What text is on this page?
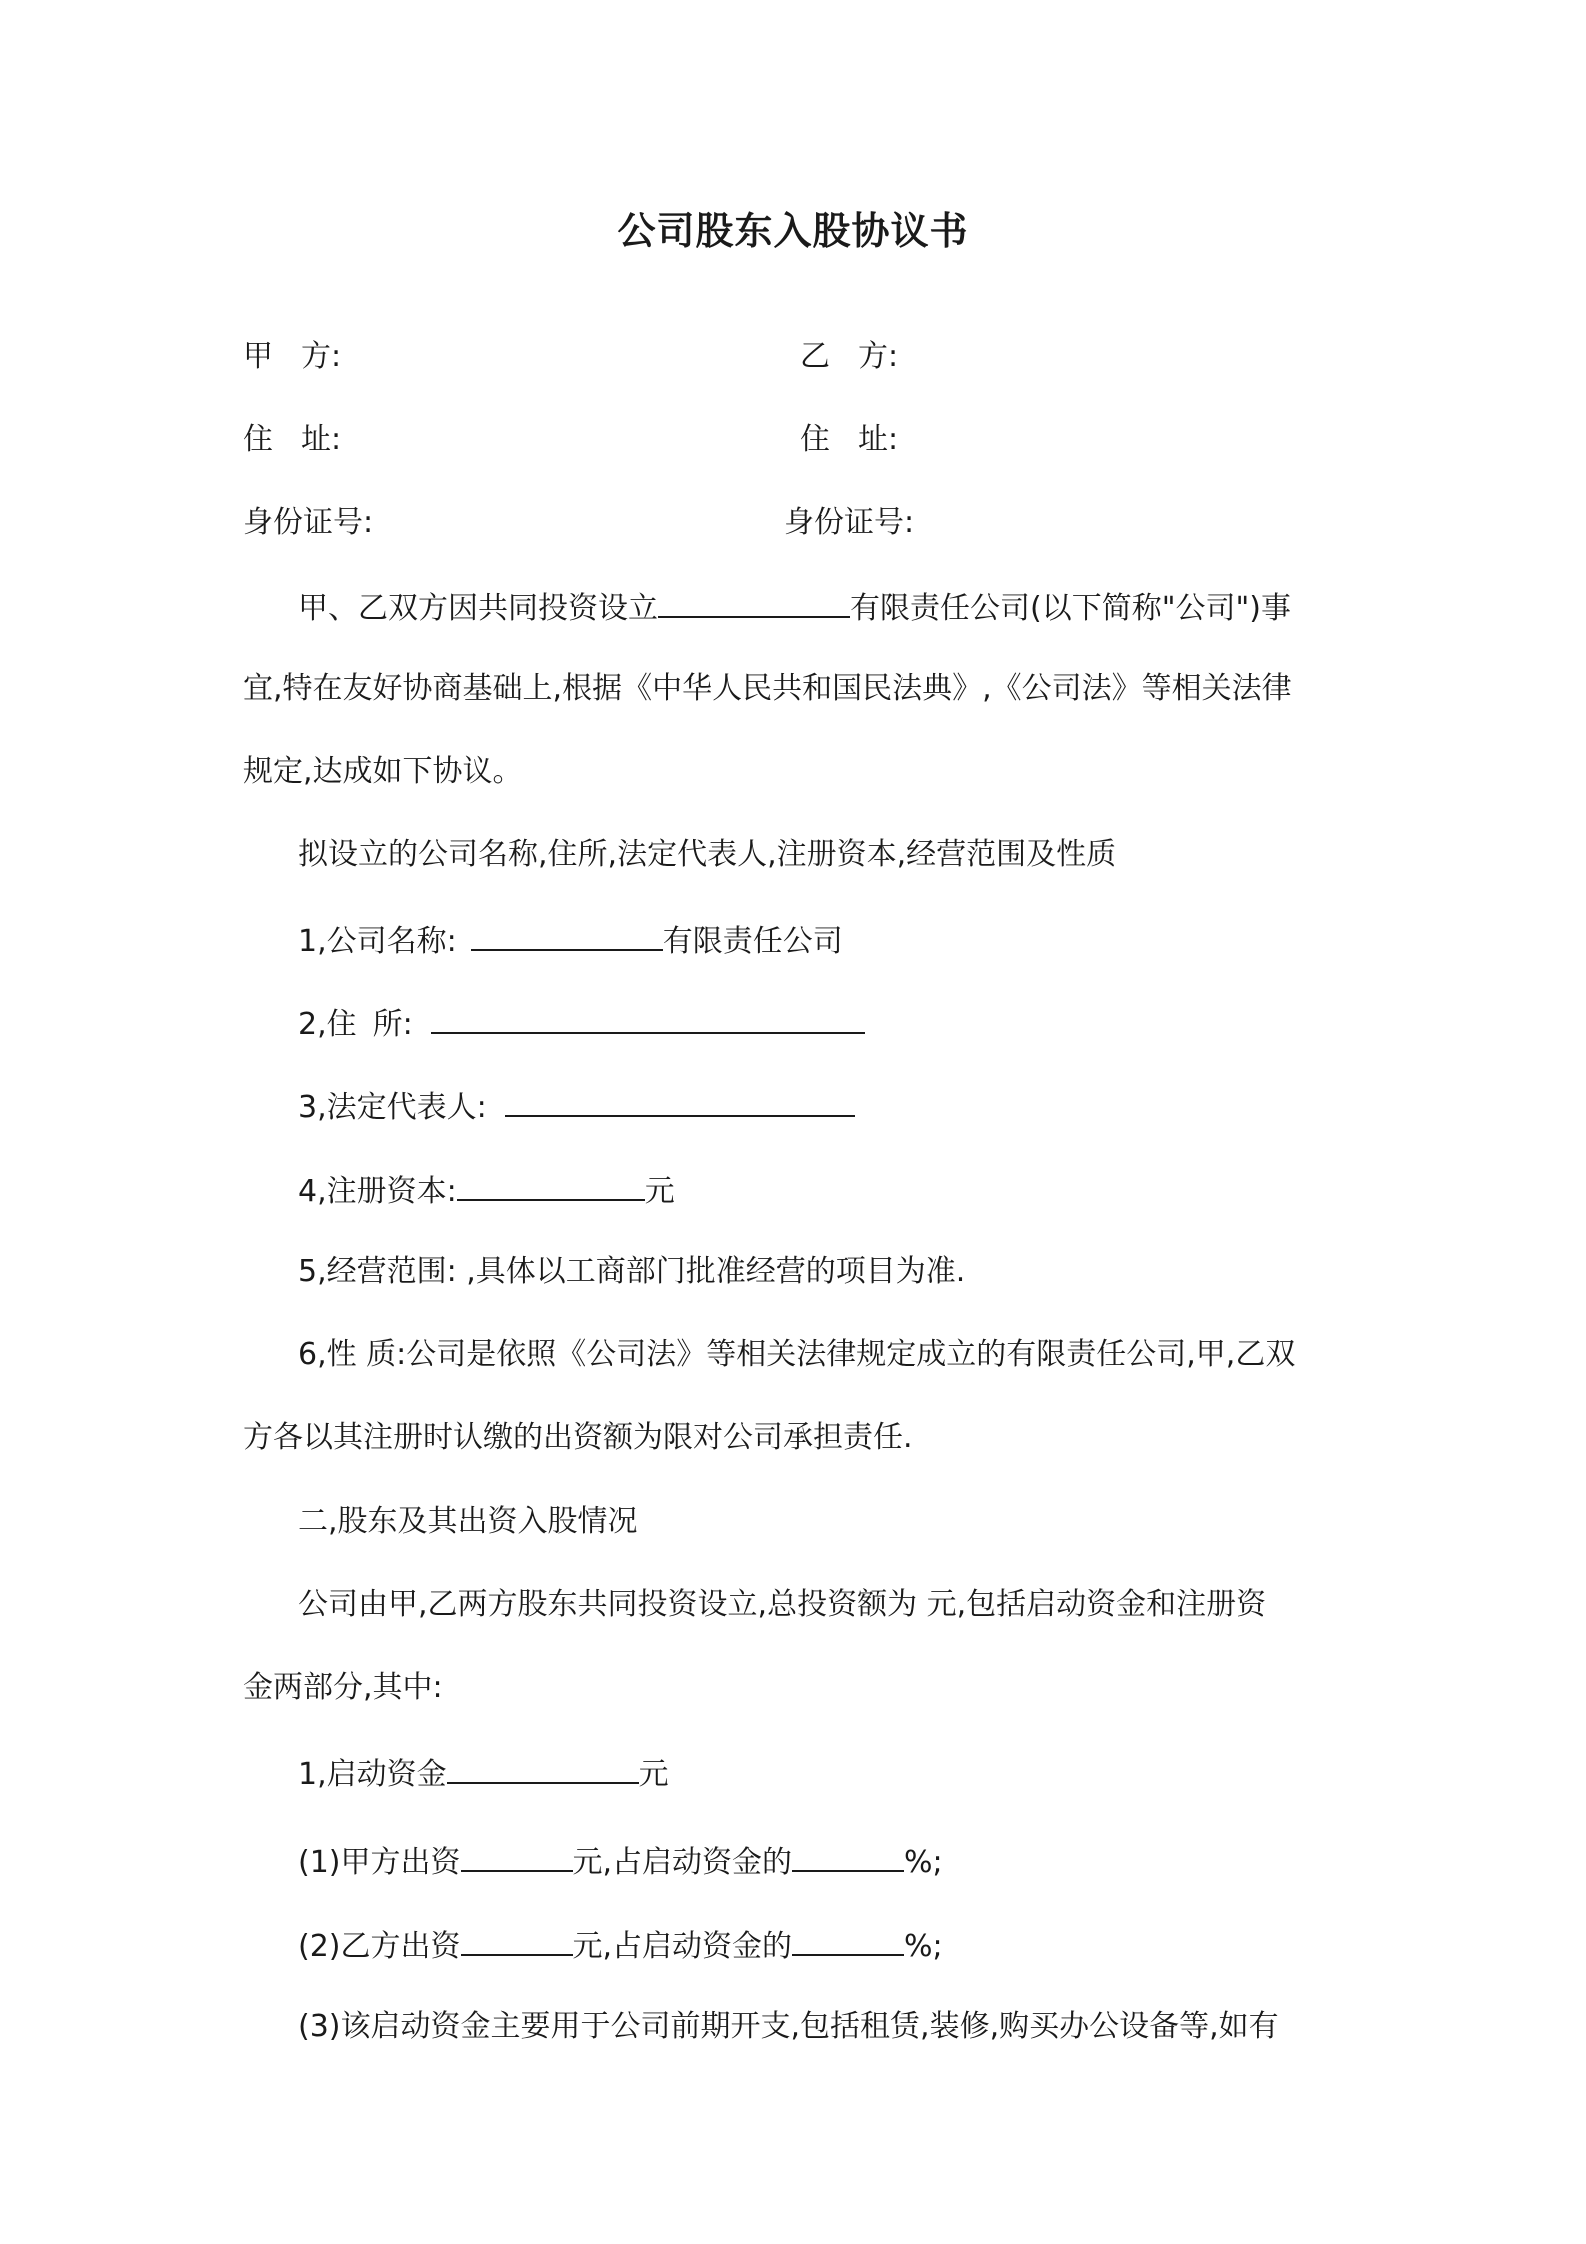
公司股东入股协议书
甲 方:	乙 方:
住 址:	住 址:
身份证号:	身份证号:
甲、乙双方因共同投资设立	有限责任公司(以下简称"公司")事
宜,特在友好协商基础上,根据《中华人民共和国民法典》,《公司法》等相关法律
规定,达成如下协议。
拟设立的公司名称,住所,法定代表人,注册资本,经营范围及性质
1,公司名称:	有限责任公司
2,住 所:
3,法定代表人:
4,注册资本:	元
5,经营范围: ,具体以工商部门批准经营的项目为准.
6,性 质:公司是依照《公司法》等相关法律规定成立的有限责任公司,甲,乙双
方各以其注册时认缴的出资额为限对公司承担责任.
二,股东及其出资入股情况
公司由甲,乙两方股东共同投资设立,总投资额为 元,包括启动资金和注册资
金两部分,其中:
1,启动资金	元
(1)甲方出资	元,占启动资金的	%;
(2)乙方出资	元,占启动资金的	%;
(3)该启动资金主要用于公司前期开支,包括租赁,装修,购买办公设备等,如有
